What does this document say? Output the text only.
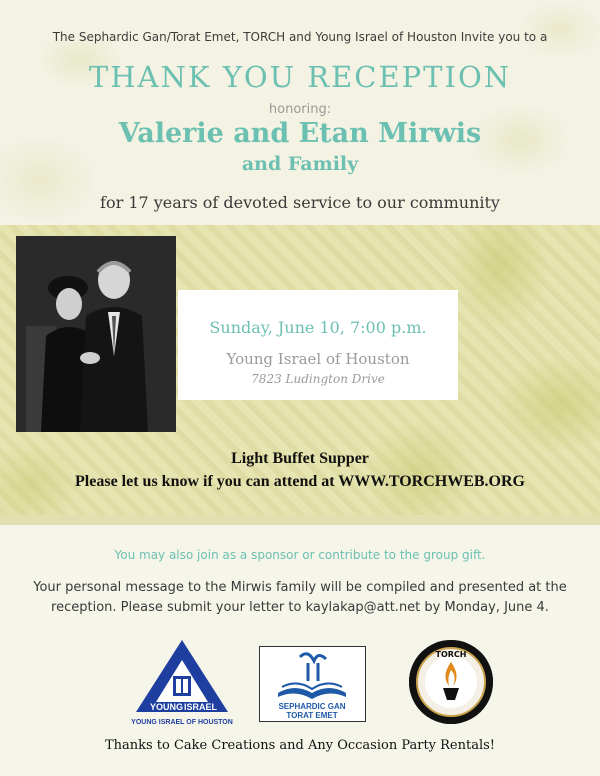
The Sephardic Gan/Torat Emet, TORCH and Young Israel of Houston Invite you to a
THANK YOU RECEPTION
honoring:
Valerie and Etan Mirwis
and Family
for 17 years of devoted service to our community
Sunday, June 10, 7:00 p.m.
Young Israel of Houston
7823 Ludington Drive
Light Buffet Supper
Please let us know if you can attend at WWW.TORCHWEB.ORG
You may also join as a sponsor or contribute to the group gift.
Your personal message to the Mirwis family will be compiled and presented at the reception. Please submit your letter to kaylakap@att.net by Monday, June 4.
YOUNG ISRAEL
YOUNG ISRAEL OF HOUSTON
SEPHARDIC GAN
TORAT EMET
TORCH
Thanks to Cake Creations and Any Occasion Party Rentals!
